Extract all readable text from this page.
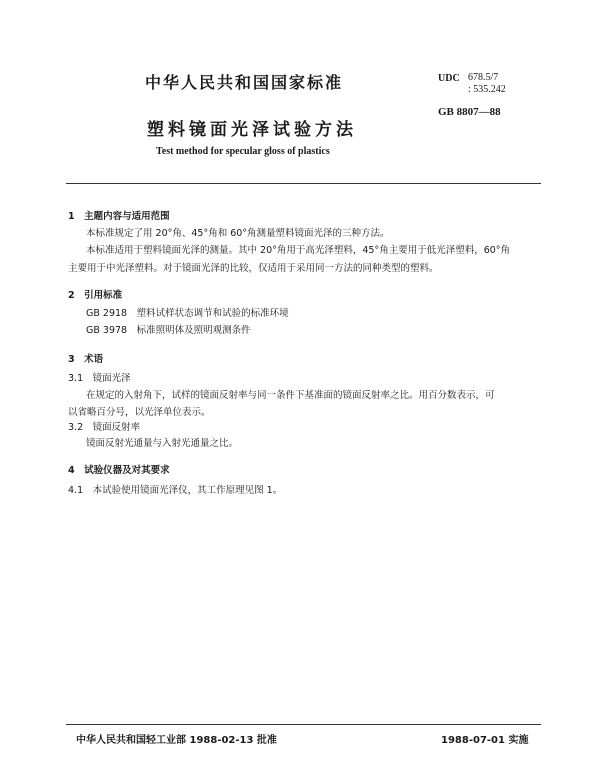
中华人民共和国国家标准	UDC 678.5/7
: 535.242
GB 8807—88
塑料镜面光泽试验方法
Test method for specular gloss of plastics
1　主题内容与适用范围
本标准规定了用 20°角、45°角和 60°角测量塑料镜面光泽的三种方法。
本标准适用于塑料镜面光泽的测量。其中 20°角用于高光泽塑料，45°角主要用于低光泽塑料，60°角
主要用于中光泽塑料。对于镜面光泽的比较，仅适用于采用同一方法的同种类型的塑料。
2　引用标准
GB 2918　塑料试样状态调节和试验的标准环境
GB 3978　标准照明体及照明观测条件
3　术语
3.1　镜面光泽
在规定的入射角下，试样的镜面反射率与同一条件下基准面的镜面反射率之比。用百分数表示，可
以省略百分号，以光泽单位表示。
3.2　镜面反射率
镜面反射光通量与入射光通量之比。
4　试验仪器及对其要求
4.1　本试验使用镜面光泽仪，其工作原理见图 1。
中华人民共和国轻工业部 1988-02-13 批准	1988-07-01 实施
